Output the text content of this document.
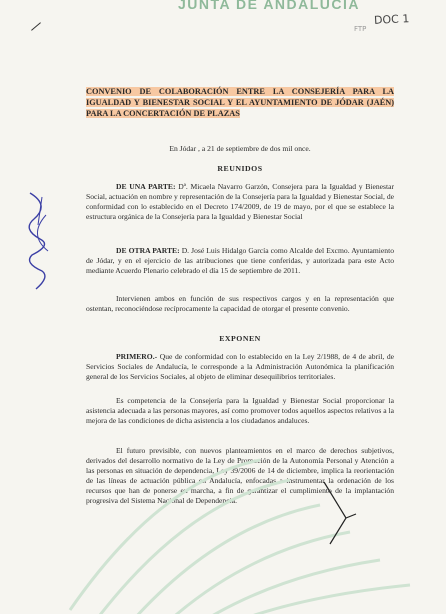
JUNTA DE ANDALUCIA
DOC 1
FTP
CONVENIO DE COLABORACIÓN ENTRE LA CONSEJERÍA PARA LA IGUALDAD Y BIENESTAR SOCIAL Y EL AYUNTAMIENTO DE JÓDAR (JAÉN) PARA LA CONCERTACIÓN DE PLAZAS

En Jódar , a 21 de septiembre de dos mil once.

REUNIDOS

DE UNA PARTE: Dª. Micaela Navarro Garzón, Consejera para la Igualdad y Bienestar Social, actuación en nombre y representación de la Consejería para la Igualdad y Bienestar Social, de conformidad con lo establecido en el Decreto 174/2009, de 19 de mayo, por el que se establece la estructura orgánica de la Consejería para la Igualdad y Bienestar Social

DE OTRA PARTE: D. José Luis Hidalgo García como Alcalde del Excmo. Ayuntamiento de Jódar, y en el ejercicio de las atribuciones que tiene conferidas, y autorizada para este Acto mediante Acuerdo Plenario celebrado el día 15 de septiembre de 2011.

Intervienen ambos en función de sus respectivos cargos y en la representación que ostentan, reconociéndose recíprocamente la capacidad de otorgar el presente convenio.

EXPONEN

PRIMERO.- Que de conformidad con lo establecido en la Ley 2/1988, de 4 de abril, de Servicios Sociales de Andalucía, le corresponde a la Administración Autonómica la planificación general de los Servicios Sociales, al objeto de eliminar desequilibrios territoriales.

Es competencia de la Consejería para la Igualdad y Bienestar Social proporcionar la asistencia adecuada a las personas mayores, así como promover todos aquellos aspectos relativos a la mejora de las condiciones de dicha asistencia a los ciudadanos andaluces.

El futuro previsible, con nuevos planteamientos en el marco de derechos subjetivos, derivados del desarrollo normativo de la Ley de Promoción de la Autonomía Personal y Atención a las personas en situación de dependencia, Ley 39/2006 de 14 de diciembre, implica la reorientación de las líneas de actuación pública en Andalucía, enfocadas a instrumentar la ordenación de los recursos que han de ponerse en marcha, a fin de garantizar el cumplimiento de la implantación progresiva del Sistema Nacional de Dependencia.
